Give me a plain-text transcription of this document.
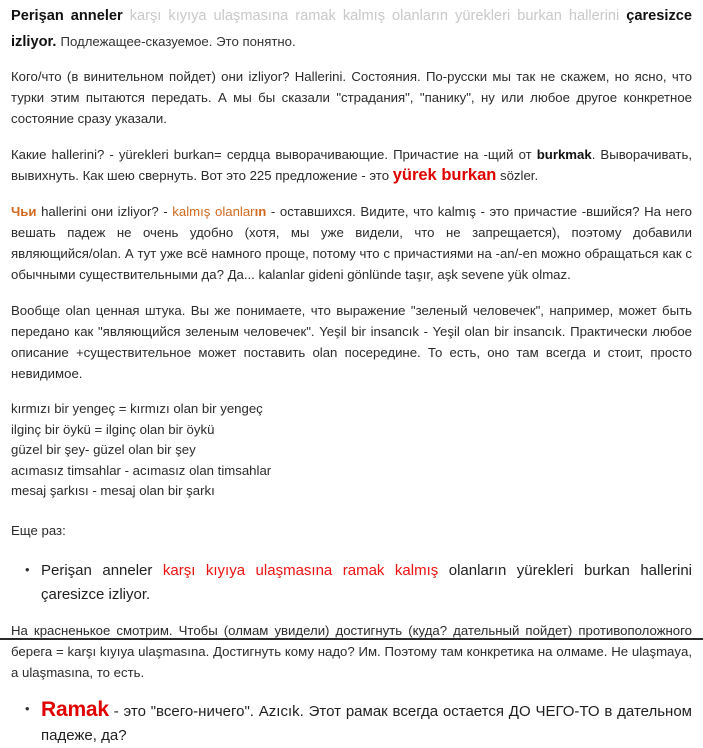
Perişan anneler karşı kıyıya ulaşmasına ramak kalmış olanların yürekleri burkan hallerini çaresizce izliyor. Подлежащее-сказуемое. Это понятно.

Кого/что (в винительном пойдет) они izliyor? Hallerini. Состояния. По-русски мы так не скажем, но ясно, что турки этим пытаются передать. А мы бы сказали "страдания", "панику", ну или любое другое конкретное состояние сразу указали.

Какие hallerini? - yürekleri burkan= сердца выворачивающие. Причастие на -щий от burkmak. Выворачивать, вывихнуть. Как шею свернуть. Вот это 225 предложение - это yürek burkan sözler.

Чьи hallerini они izliyor? - kalmış olanların - оставшихся. Видите, что kalmış - это причастие -вшийся? На него вешать падеж не очень удобно (хотя, мы уже видели, что не запрещается), поэтому добавили являющийся/olan. А тут уже всё намного проще, потому что с причастиями на -an/-en можно обращаться как с обычными существительными да? Да... kalanlar gideni gönlünde taşır, aşk sevene yük olmaz.

Вообще olan ценная штука. Вы же понимаете, что выражение "зеленый человечек", например, может быть передано как "являющийся зеленым человечек". Yeşil bir insancık - Yeşil olan bir insancık. Практически любое описание +существительное может поставить olan посередине. То есть, оно там всегда и стоит, просто невидимое.

kırmızı bir yengeç = kırmızı olan bir yengeç
ilginç bir öykü = ilginç olan bir öykü
güzel bir şey- güzel olan bir şey
acımasız timsahlar - acımasız olan timsahlar
mesaj şarkısı - mesaj olan bir şarkı
Еще раз:
• Perişan anneler karşı kıyıya ulaşmasına ramak kalmış olanların yürekleri burkan hallerini çaresizce izliyor.

На красненькое смотрим. Чтобы (олмам увидели) достигнуть (куда? дательный пойдет) противоположного берега = karşı kıyıya ulaşmasına. Достигнуть кому надо? Им. Поэтому там конкретика на олмаме. Не ulaşmaya, а ulaşmasına, то есть.

• Ramak - это "всего-ничего". Azıcık. Этот рамак всегда остается ДО ЧЕГО-ТО в дательном падеже, да?
